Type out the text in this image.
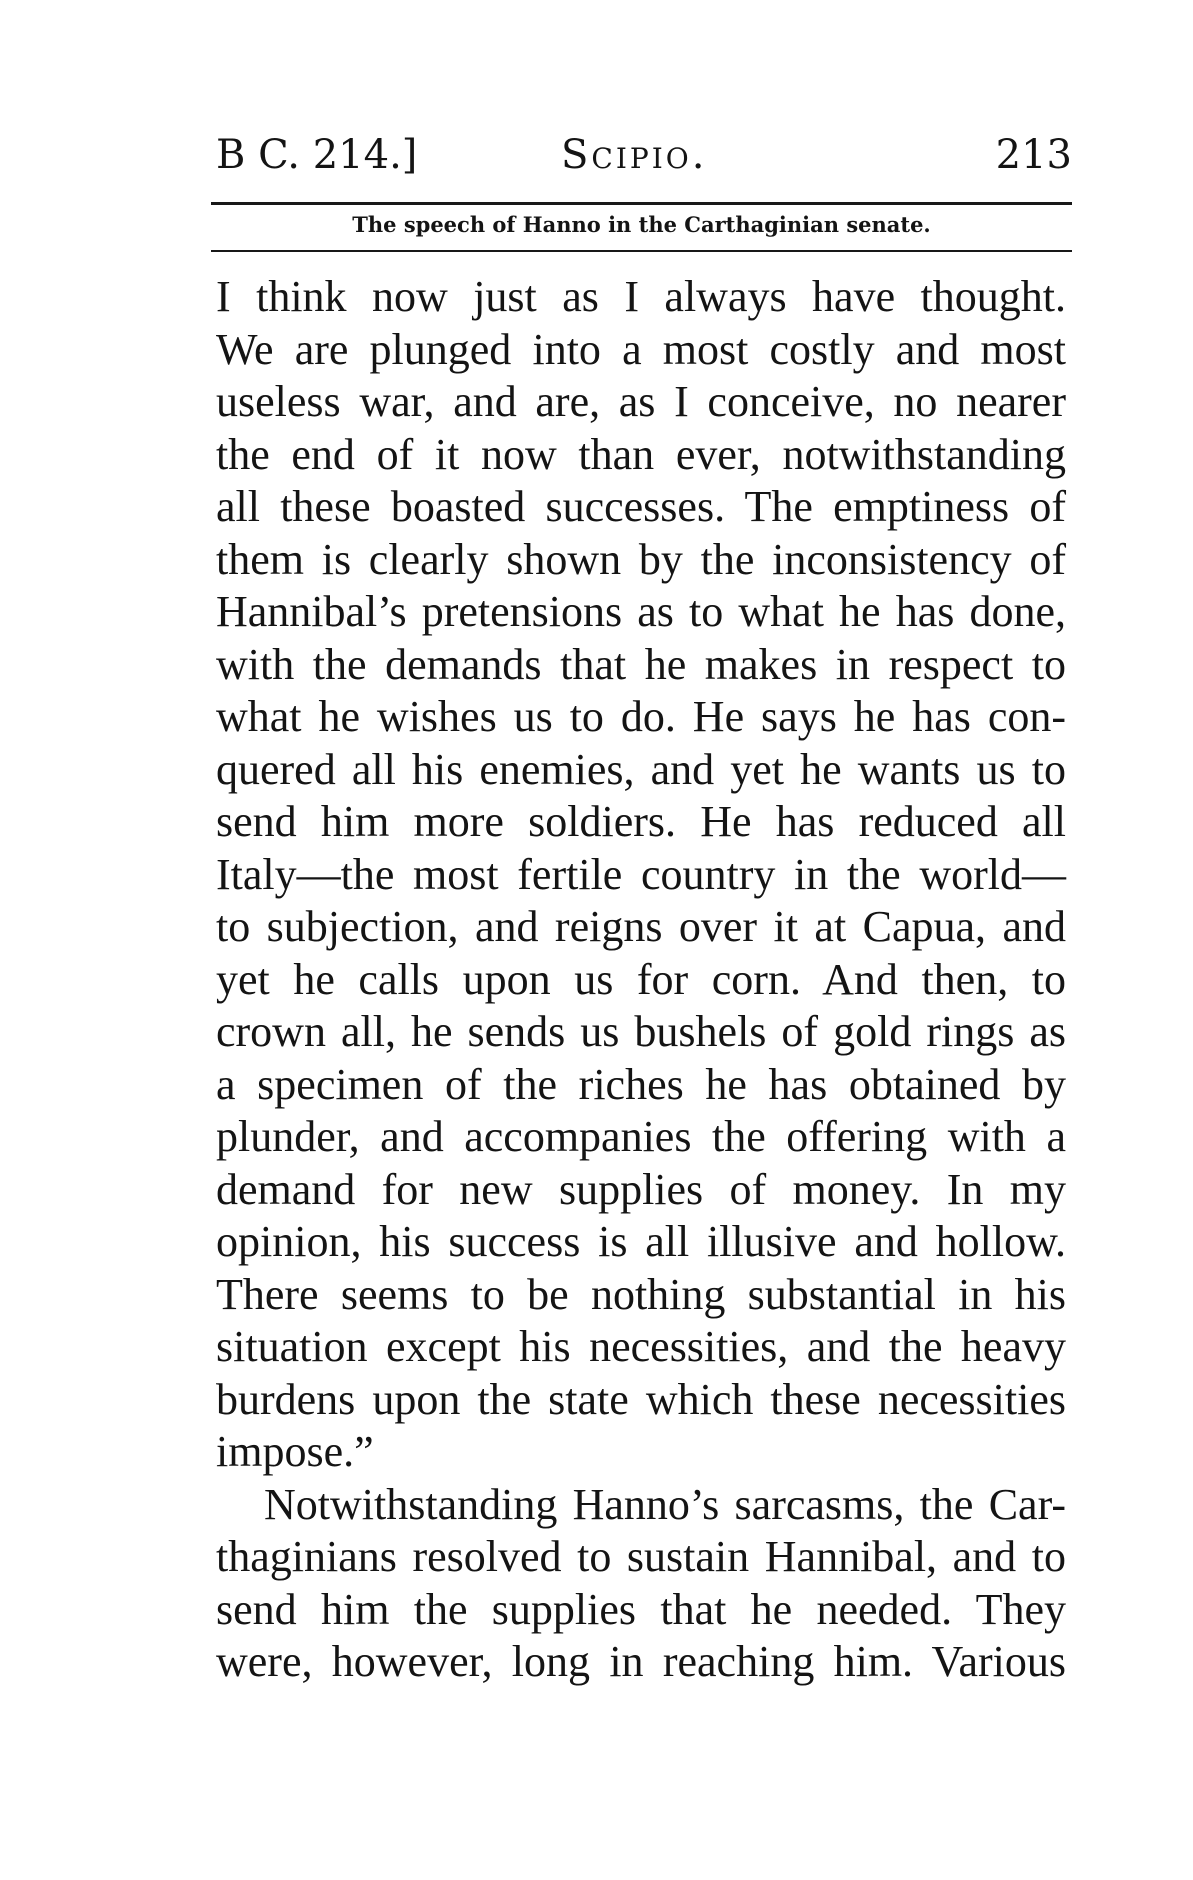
B C. 214.]	Scipio.	213
The speech of Hanno in the Carthaginian senate.
I think now just as I always have thought.
We are plunged into a most costly and most
useless war, and are, as I conceive, no nearer
the end of it now than ever, notwithstanding
all these boasted successes. The emptiness of
them is clearly shown by the inconsistency of
Hannibal’s pretensions as to what he has done,
with the demands that he makes in respect to
what he wishes us to do. He says he has con-
quered all his enemies, and yet he wants us to
send him more soldiers. He has reduced all
Italy—the most fertile country in the world—
to subjection, and reigns over it at Capua, and
yet he calls upon us for corn. And then, to
crown all, he sends us bushels of gold rings as
a specimen of the riches he has obtained by
plunder, and accompanies the offering with a
demand for new supplies of money. In my
opinion, his success is all illusive and hollow.
There seems to be nothing substantial in his
situation except his necessities, and the heavy
burdens upon the state which these necessities
impose.”
Notwithstanding Hanno’s sarcasms, the Car-
thaginians resolved to sustain Hannibal, and to
send him the supplies that he needed. They
were, however, long in reaching him. Various
